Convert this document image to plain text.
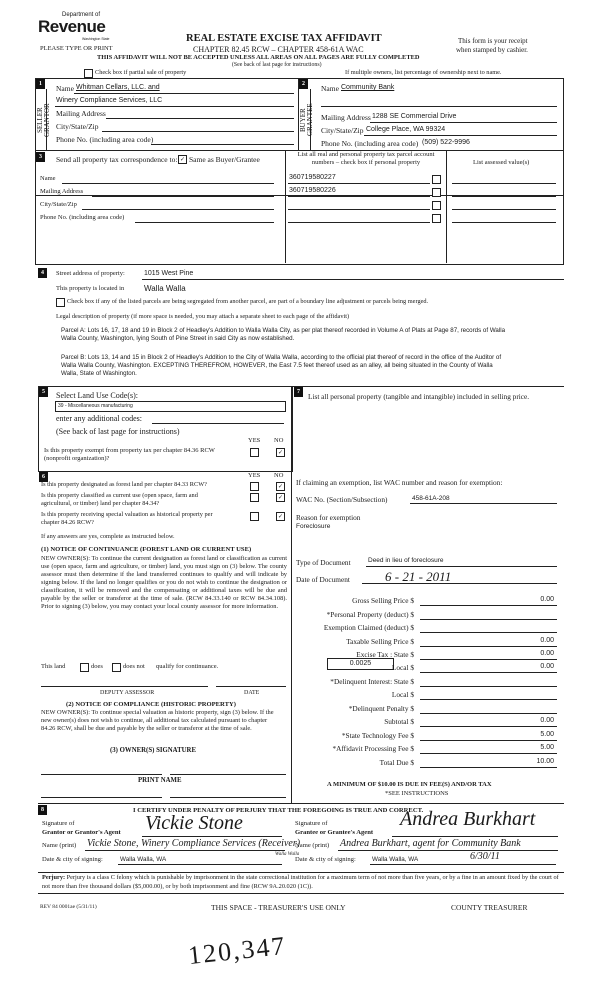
Department of
Revenue
Washington State
PLEASE TYPE OR PRINT
REAL ESTATE EXCISE TAX AFFIDAVIT
CHAPTER 82.45 RCW – CHAPTER 458-61A WAC
This form is your receipt
when stamped by cashier.
THIS AFFIDAVIT WILL NOT BE ACCEPTED UNLESS ALL AREAS ON ALL PAGES ARE FULLY COMPLETED
(See back of last page for instructions)
Check box if partial sale of property	If multiple owners, list percentage of ownership next to name.
1
SELLER
GRANTOR
Name Whitman Cellars, LLC. and
Winery Compliance Services, LLC
Mailing Address
City/State/Zip
Phone No. (including area code)
2
BUYER
GRANTEE
Name Community Bank
Mailing Address 1288 SE Commercial Drive
City/State/Zip College Place, WA 99324
Phone No. (including area code) (509) 522-9996
3	Send all property tax correspondence to: ✓ Same as Buyer/Grantee
List all real and personal property tax parcel account numbers – check box if personal property	List assessed value(s)
Name
Mailing Address
City/State/Zip
Phone No. (including area code)
360719580227
360719580226
4	Street address of property:	1015 West Pine
This property is located in Walla Walla
Check box if any of the listed parcels are being segregated from another parcel, are part of a boundary line adjustment or parcels being merged.
Legal description of property (if more space is needed, you may attach a separate sheet to each page of the affidavit)
Parcel A: Lots 16, 17, 18 and 19 in Block 2 of Headley's Addition to Walla Walla City, as per plat thereof recorded in Volume A of Plats at Page 87, records of Walla Walla County, Washington, lying South of Pine Street in said City as now established.
Parcel B: Lots 13, 14 and 15 in Block 2 of Headley's Addition to the City of Walla Walla, according to the official plat thereof of record in the office of the Auditor of Walla Walla County, Washington. EXCEPTING THEREFROM, HOWEVER, the East 7.5 feet thereof used as an alley, all being situated in the County of Walla Walla, State of Washington.
5	Select Land Use Code(s):
39 - Miscellaneous manufacturing
enter any additional codes:
(See back of last page for instructions)
YES NO
Is this property exempt from property tax per chapter 84.36 RCW (nonprofit organization)?
✓
6	YES NO
Is this property designated as forest land per chapter 84.33 RCW?	✓
Is this property classified as current use (open space, farm and agricultural, or timber) land per chapter 84.34?
✓
Is this property receiving special valuation as historical property per chapter 84.26 RCW?
✓
If any answers are yes, complete as instructed below.
(1) NOTICE OF CONTINUANCE (FOREST LAND OR CURRENT USE)
NEW OWNER(S): To continue the current designation as forest land or classification as current use (open space, farm and agriculture, or timber) land, you must sign on (3) below. The county assessor must then determine if the land transferred continues to qualify and will indicate by signing below. If the land no longer qualifies or you do not wish to continue the designation or classification, it will be removed and the compensating or additional taxes will be due and payable by the seller or transferor at the time of sale. (RCW 84.33.140 or RCW 84.34.108). Prior to signing (3) below, you may contact your local county assessor for more information.
This land	does	does not qualify for continuance.
DEPUTY ASSESSOR	DATE
(2) NOTICE OF COMPLIANCE (HISTORIC PROPERTY)
NEW OWNER(S): To continue special valuation as historic property, sign (3) below. If the new owner(s) does not wish to continue, all additional tax calculated pursuant to chapter 84.26 RCW, shall be due and payable by the seller or transferor at the time of sale.
(3) OWNER(S) SIGNATURE
PRINT NAME
7	List all personal property (tangible and intangible) included in selling price.
If claiming an exemption, list WAC number and reason for exemption:
WAC No. (Section/Subsection)	458-61A-208
Reason for exemption
Foreclosure
Type of Document	Deed in lieu of foreclosure
Date of Document	6 - 21 - 2011
0.0025
Gross Selling Price $	0.00
*Personal Property (deduct) $
Exemption Claimed (deduct) $
Taxable Selling Price $	0.00
Excise Tax : State $	0.00
Local $	0.00
*Delinquent Interest: State $
Local $
*Delinquent Penalty $
Subtotal $	0.00
*State Technology Fee $	5.00
*Affidavit Processing Fee $	5.00
Total Due $	10.00
A MINIMUM OF $10.00 IS DUE IN FEE(S) AND/OR TAX
*SEE INSTRUCTIONS
8	I CERTIFY UNDER PENALTY OF PERJURY THAT THE FOREGOING IS TRUE AND CORRECT.
Signature of
Grantor or Grantor's Agent Vickie Stone	Signature of
Grantee or Grantee's Agent
Andrea Burkhart
Name (print) Vickie Stone, Winery Compliance Services (Receiver)
Name (print) Andrea Burkhart, agent for Community Bank
Date & city of signing:	Walla Walla, WA
Walla Walla
Date & city of signing:	Walla Walla, WA	6/30/11
Perjury: Perjury is a class C felony which is punishable by imprisonment in the state correctional institution for a maximum term of not more than five years, or by a fine in an amount fixed by the court of not more than five thousand dollars ($5,000.00), or by both imprisonment and fine (RCW 9A.20.020 (1C)).
REV 84 0001ae (5/31/11)	THIS SPACE - TREASURER'S USE ONLY	COUNTY TREASURER
120,347
